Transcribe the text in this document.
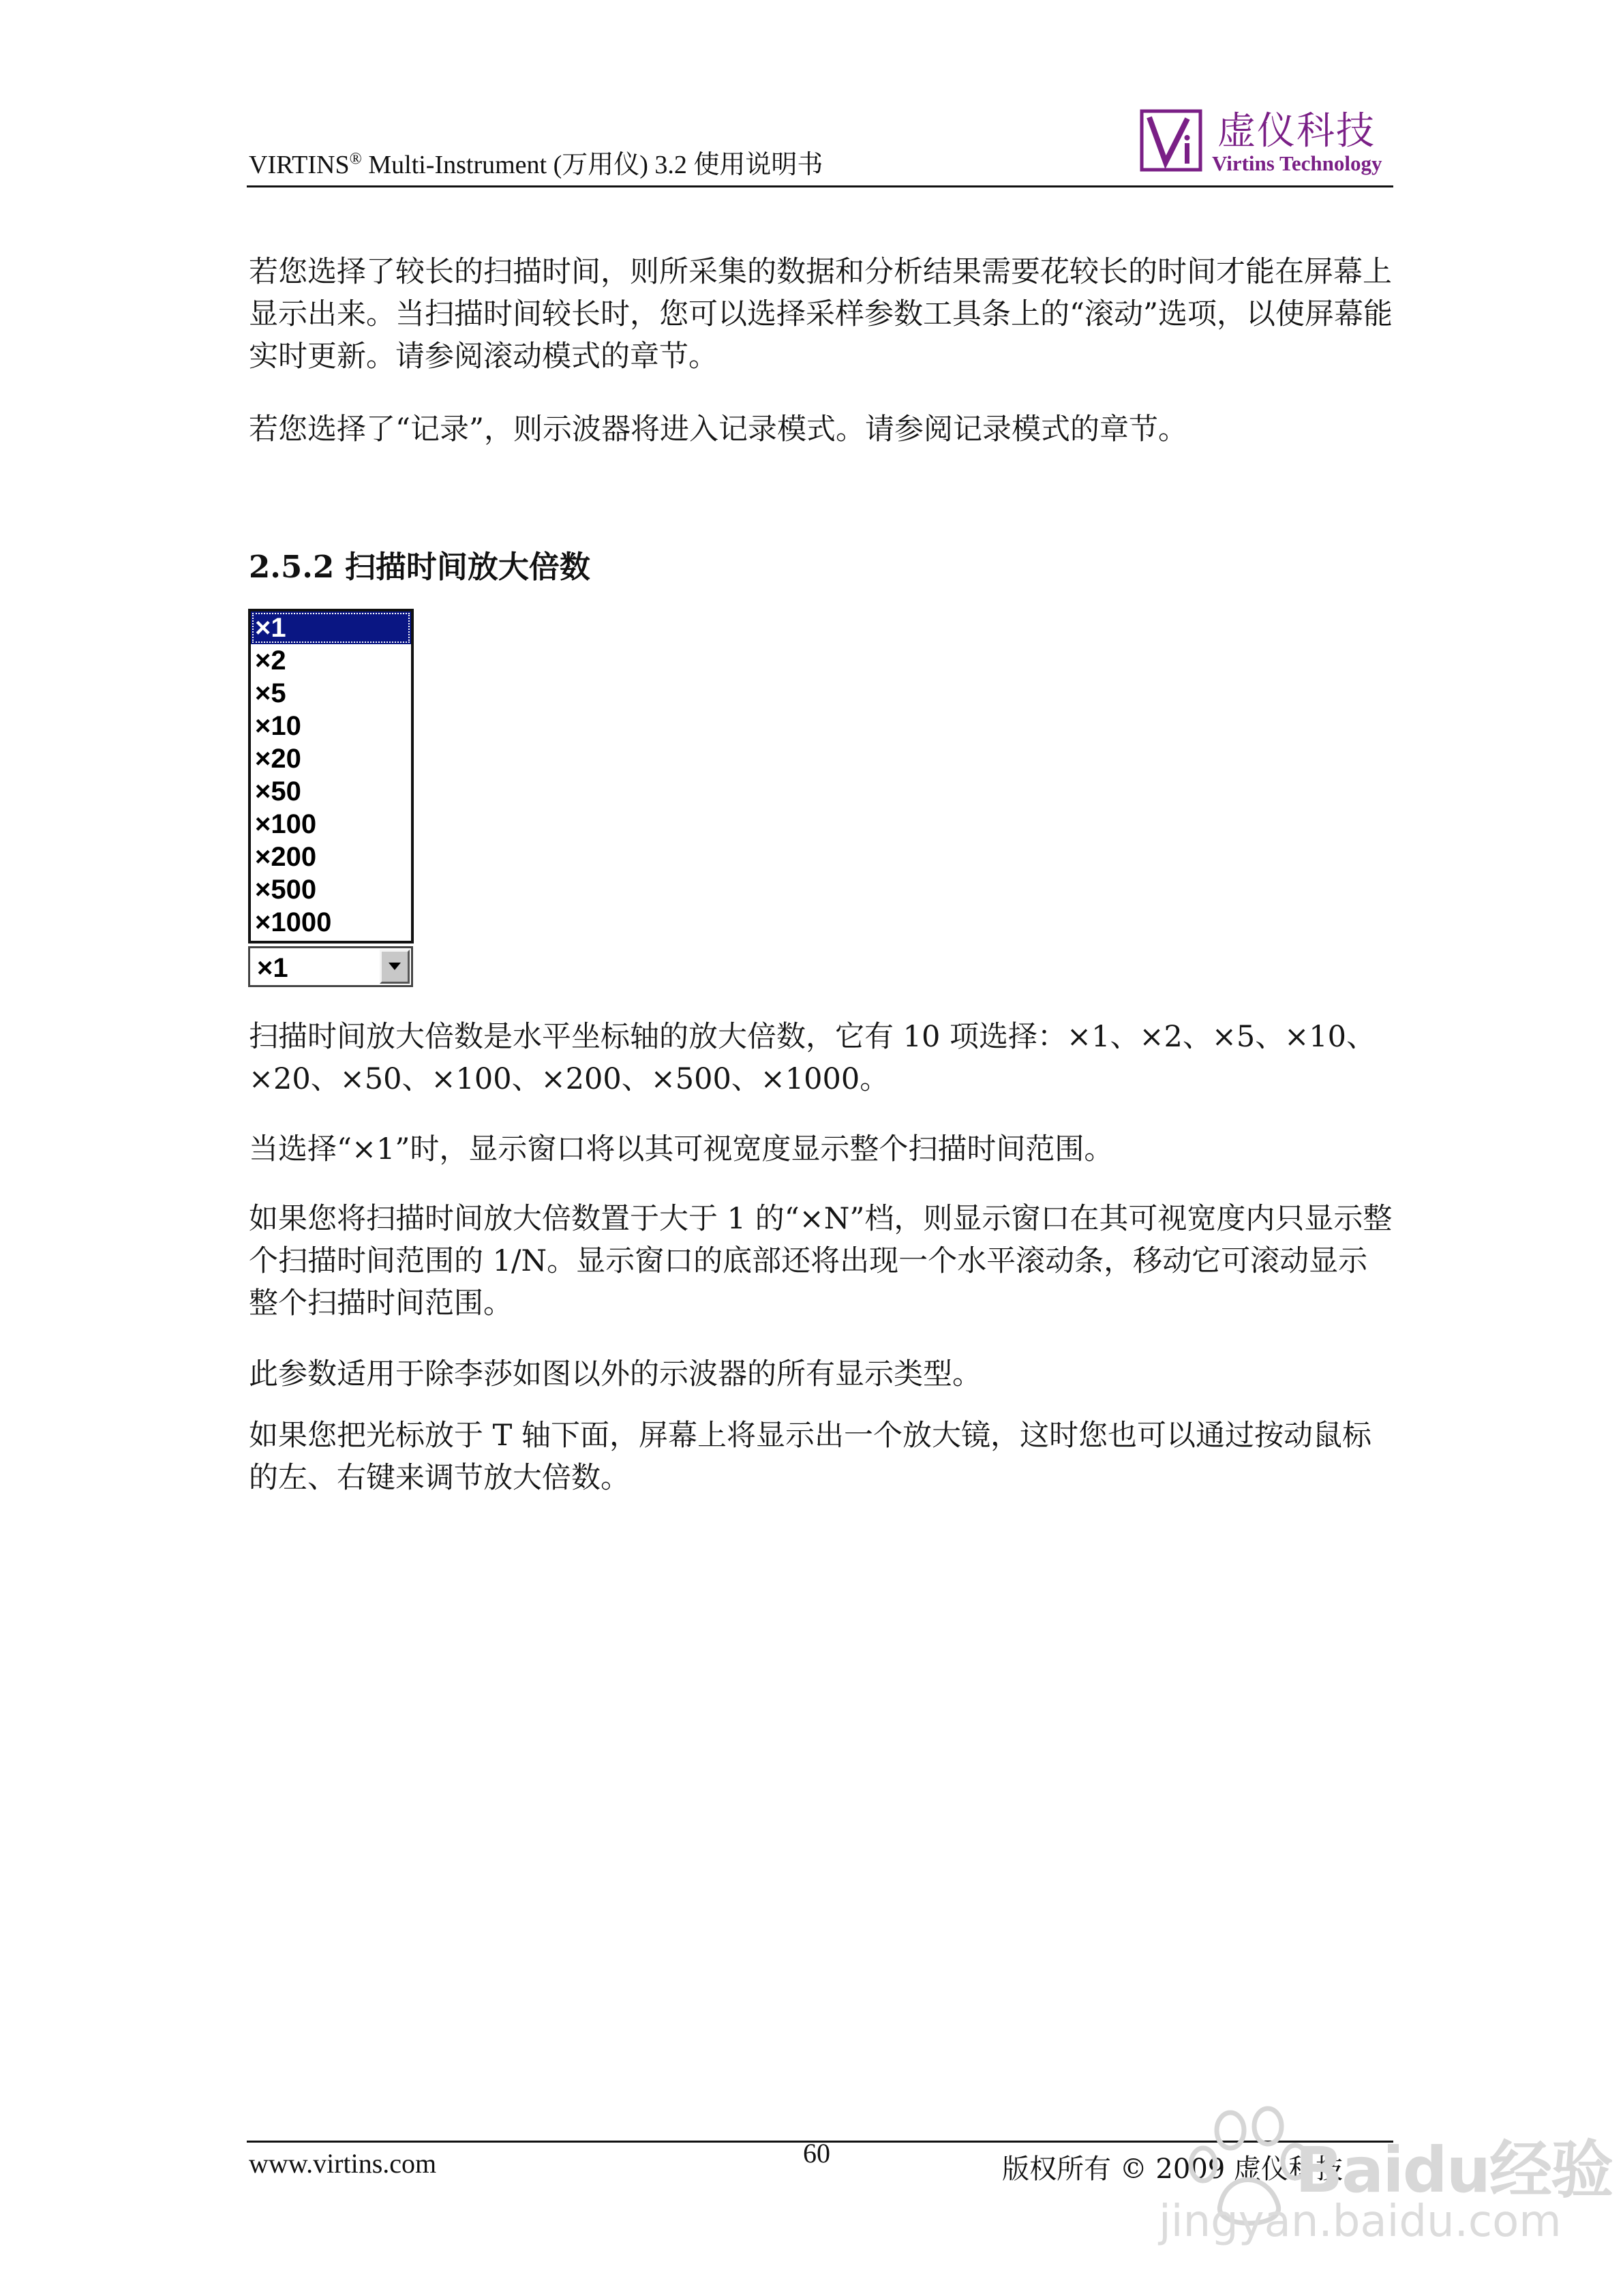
VIRTINS® Multi-Instrument (万用仪) 3.2 使用说明书
虚仪科技
Virtins Technology
若您选择了较长的扫描时间，则所采集的数据和分析结果需要花较长的时间才能在屏幕上显示出来。当扫描时间较长时，您可以选择采样参数工具条上的“滚动”选项，以使屏幕能实时更新。请参阅滚动模式的章节。
若您选择了“记录”，则示波器将进入记录模式。请参阅记录模式的章节。
2.5.2 扫描时间放大倍数
×1
×2
×5
×10
×20
×50
×100
×200
×500
×1000
×1
扫描时间放大倍数是水平坐标轴的放大倍数，它有 10 项选择：×1、×2、×5、×10、×20、×50、×100、×200、×500、×1000。
当选择“×1”时，显示窗口将以其可视宽度显示整个扫描时间范围。
如果您将扫描时间放大倍数置于大于 1 的“×N”档，则显示窗口在其可视宽度内只显示整个扫描时间范围的 1/N。显示窗口的底部还将出现一个水平滚动条，移动它可滚动显示整个扫描时间范围。
此参数适用于除李莎如图以外的示波器的所有显示类型。
如果您把光标放于 T 轴下面，屏幕上将显示出一个放大镜，这时您也可以通过按动鼠标的左、右键来调节放大倍数。
www.virtins.com	60
版权所有 © 2009 虚仪科技
Baidu经验
jingyan.baidu.com
